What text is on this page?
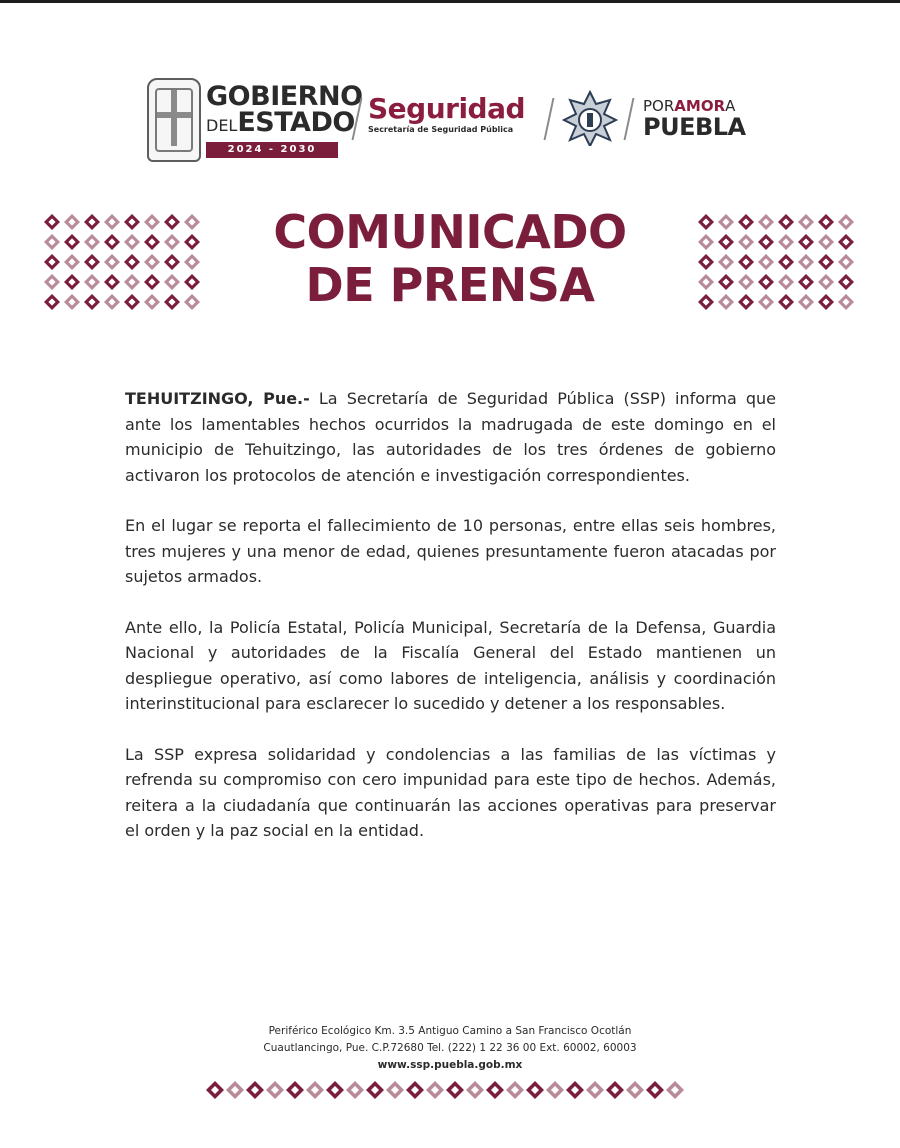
GOBIERNO
DELESTADO
2024 - 2030
Seguridad
Secretaría de Seguridad Pública
PORAMORA
PUEBLA
COMUNICADO
DE PRENSA

TEHUITZINGO, Pue.- La Secretaría de Seguridad Pública (SSP) informa que ante los lamentables hechos ocurridos la madrugada de este domingo en el municipio de Tehuitzingo, las autoridades de los tres órdenes de gobierno activaron los protocolos de atención e investigación correspondientes.

En el lugar se reporta el fallecimiento de 10 personas, entre ellas seis hombres, tres mujeres y una menor de edad, quienes presuntamente fueron atacadas por sujetos armados.

Ante ello, la Policía Estatal, Policía Municipal, Secretaría de la Defensa, Guardia Nacional y autoridades de la Fiscalía General del Estado mantienen un despliegue operativo, así como labores de inteligencia, análisis y coordinación interinstitucional para esclarecer lo sucedido y detener a los responsables.

La SSP expresa solidaridad y condolencias a las familias de las víctimas y refrenda su compromiso con cero impunidad para este tipo de hechos. Además, reitera a la ciudadanía que continuarán las acciones operativas para preservar el orden y la paz social en la entidad.

Periférico Ecológico Km. 3.5 Antiguo Camino a San Francisco Ocotlán
Cuautlancingo, Pue. C.P.72680 Tel. (222) 1 22 36 00 Ext. 60002, 60003
www.ssp.puebla.gob.mx
